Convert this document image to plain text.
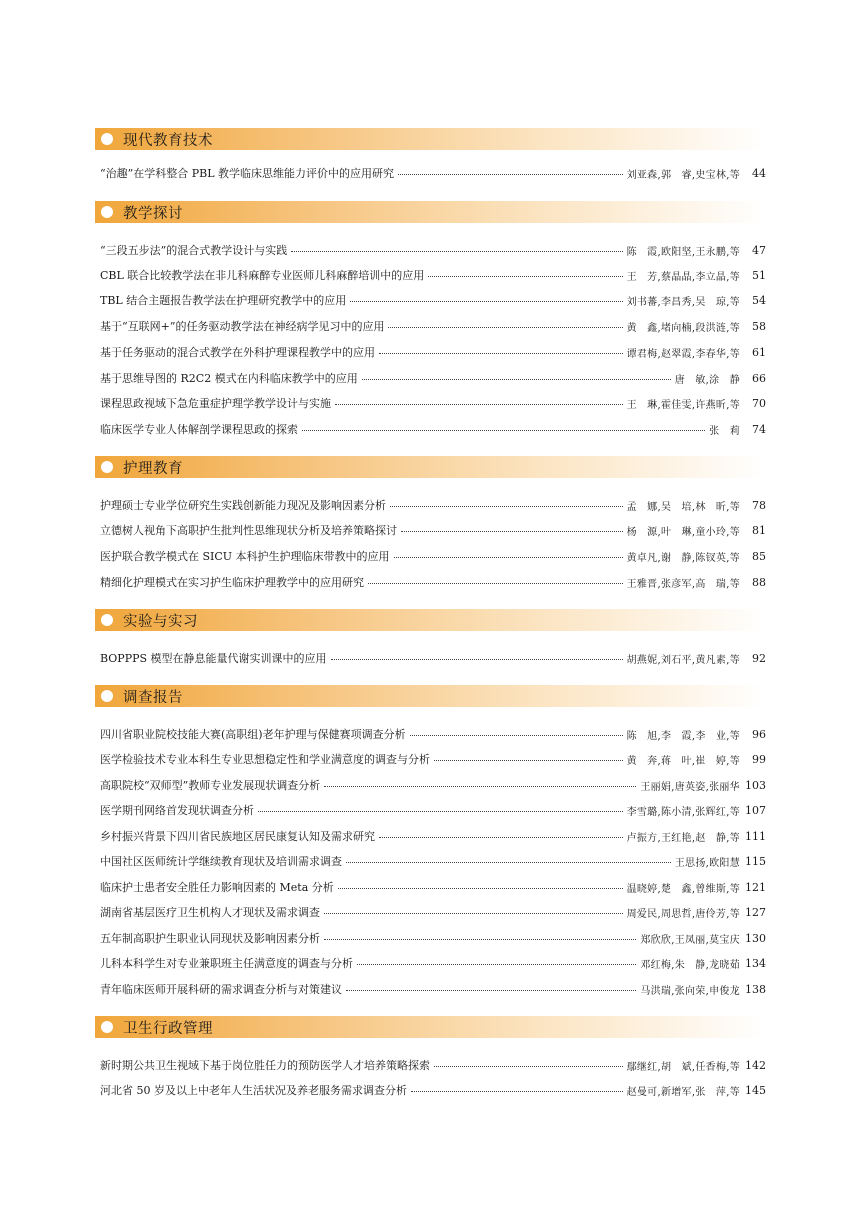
现代教育技术
“治趣”在学科整合 PBL 教学临床思维能力评价中的应用研究	刘亚森,郭　睿,史宝林,等	44
教学探讨
“三段五步法”的混合式教学设计与实践	陈　霞,欧阳坚,王永鹏,等	47
CBL 联合比较教学法在非儿科麻醉专业医师儿科麻醉培训中的应用	王　芳,蔡晶晶,李立晶,等	51
TBL 结合主题报告教学法在护理研究教学中的应用	刘书蕃,李昌秀,吴　琼,等	54
基于“互联网+”的任务驱动教学法在神经病学见习中的应用	黄　鑫,堵向楠,段洪涟,等	58
基于任务驱动的混合式教学在外科护理课程教学中的应用	谭君梅,赵翠霞,李春华,等	61
基于思维导图的 R2C2 模式在内科临床教学中的应用	唐　敏,涂　静	66
课程思政视域下急危重症护理学教学设计与实施	王　琳,霍佳雯,许燕昕,等	70
临床医学专业人体解剖学课程思政的探索	张　莉	74
护理教育
护理硕士专业学位研究生实践创新能力现况及影响因素分析	孟　娜,吴　培,林　昕,等	78
立德树人视角下高职护生批判性思维现状分析及培养策略探讨	杨　源,叶　琳,童小玲,等	81
医护联合教学模式在 SICU 本科护生护理临床带教中的应用	黄卓凡,谢　静,陈钗英,等	85
精细化护理模式在实习护生临床护理教学中的应用研究	王雅晋,张彦军,高　瑞,等	88
实验与实习
BOPPPS 模型在静息能量代谢实训课中的应用	胡燕妮,刘石平,黄凡素,等	92
调查报告
四川省职业院校技能大赛(高职组)老年护理与保健赛项调查分析	陈　旭,李　霞,李　业,等	96
医学检验技术专业本科生专业思想稳定性和学业满意度的调查与分析	黄　奔,蒋　叶,崔　婷,等	99
高职院校“双师型”教师专业发展现状调查分析	王丽娟,唐英姿,张丽华 103
医学期刊网络首发现状调查分析	李雪璐,陈小清,张辉红,等 107
乡村振兴背景下四川省民族地区居民康复认知及需求研究	卢振方,王红艳,赵　静,等 111
中国社区医师统计学继续教育现状及培训需求调查	王思扬,欧阳慧 115
临床护士患者安全胜任力影响因素的 Meta 分析	温晓婷,楚　鑫,曾维斯,等 121
湖南省基层医疗卫生机构人才现状及需求调查	周爱民,周思哲,唐伶芳,等 127
五年制高职护生职业认同现状及影响因素分析	郑欣欣,王凤丽,莫宝庆 130
儿科本科学生对专业兼职班主任满意度的调查与分析	邓红梅,朱　静,龙晓茹 134
青年临床医师开展科研的需求调查分析与对策建议	马洪瑞,张向荣,申俊龙 138
卫生行政管理
新时期公共卫生视域下基于岗位胜任力的预防医学人才培养策略探索	鄢继红,胡　斌,任香梅,等 142
河北省 50 岁及以上中老年人生活状况及养老服务需求调查分析	赵曼可,新增军,张　萍,等 145
